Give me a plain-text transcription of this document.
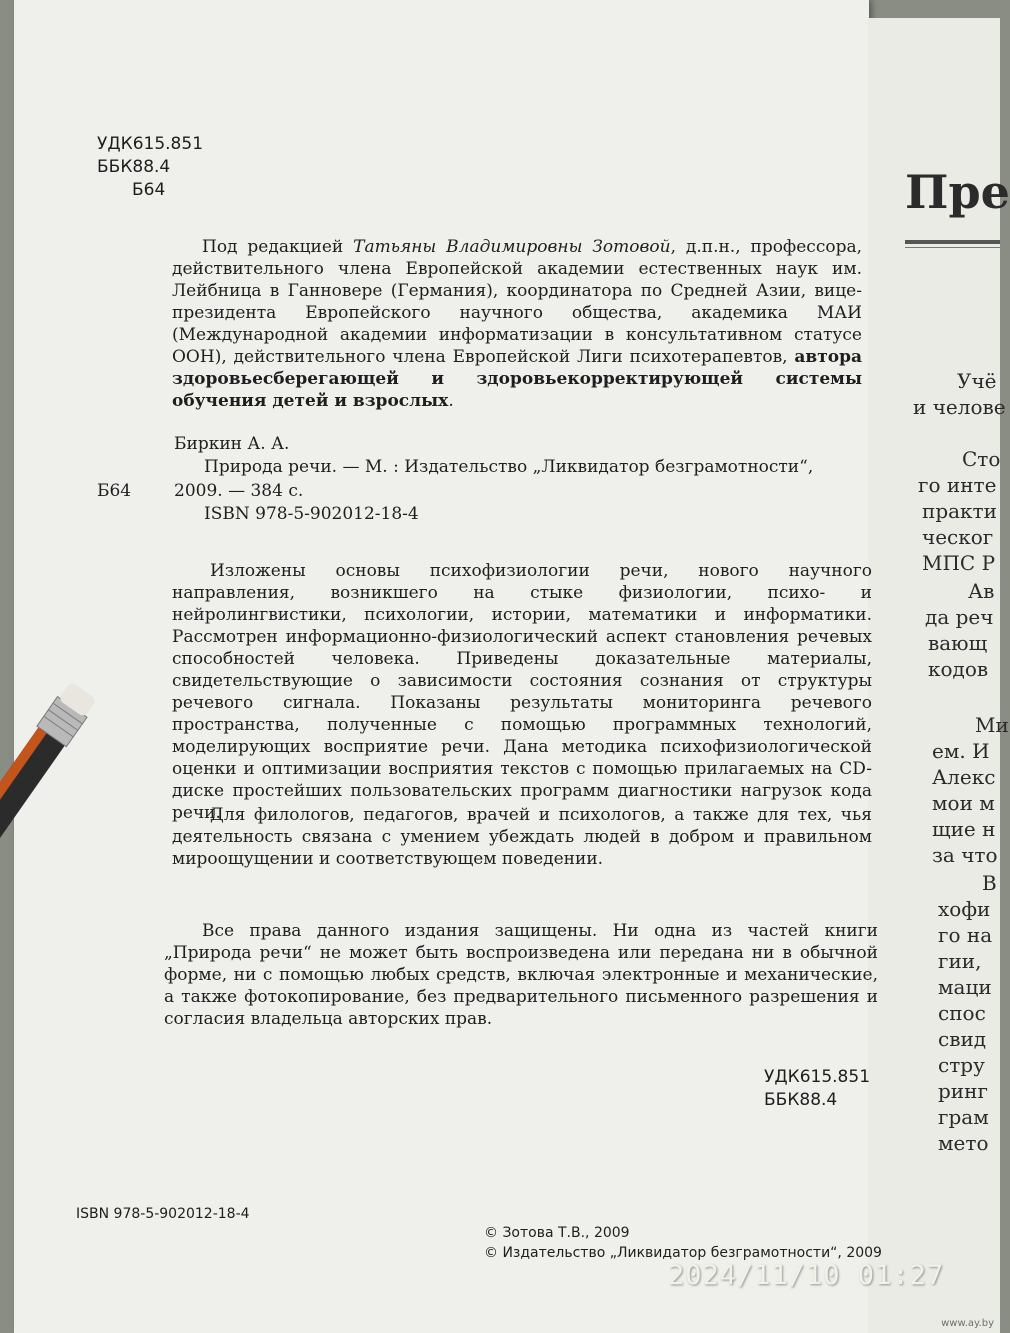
УДК615.851
ББК88.4
Б64
Под редакцией Татьяны Владимировны Зотовой, д.п.н., профессора, действительного члена Европейской академии естественных наук им. Лейбница в Ганновере (Германия), координатора по Средней Азии, вице-президента Европейского научного общества, академика МАИ (Международной академии информатизации в консультативном статусе ООН), действительного члена Европейской Лиги психотерапевтов, автора здоровьесберегающей и здоровьекорректирующей системы обучения детей и взрослых.
Биркин А. А.
Природа речи. — М. : Издательство „Ликвидатор безграмотности“,
Б64	2009. — 384 с.
ISBN 978-5-902012-18-4
Изложены основы психофизиологии речи, нового научного направления, возникшего на стыке физиологии, психо- и нейролингвистики, психологии, истории, математики и информатики. Рассмотрен информационно-физиологический аспект становления речевых способностей человека. Приведены доказательные материалы, свидетельствующие о зависимости состояния сознания от структуры речевого сигнала. Показаны результаты мониторинга речевого пространства, полученные с помощью программных технологий, моделирующих восприятие речи. Дана методика психофизиологической оценки и оптимизации восприятия текстов с помощью прилагаемых на CD-диске простейших пользовательских программ диагностики нагрузок кода речи.
Для филологов, педагогов, врачей и психологов, а также для тех, чья деятельность связана с умением убеждать людей в добром и правильном мироощущении и соответствующем поведении.
Все права данного издания защищены. Ни одна из частей книги „Природа речи“ не может быть воспроизведена или передана ни в обычной форме, ни с помощью любых средств, включая электронные и механические, а также фотокопирование, без предварительного письменного разрешения и согласия владельца авторских прав.
УДК615.851
ББК88.4
ISBN 978-5-902012-18-4
© Зотова Т.В., 2009
© Издательство „Ликвидатор безграмотности“, 2009
Пре
Учё
и челове
Сто
го инте
практи
ческог
МПС Р
Ав
да реч
вающ
кодов
Ми
ем. И
Алекс
мои м
щие н
за что
В
хофи
го на
гии,
маци
спос
свид
стру
ринг
грам
мето
2024/11/10 01:27
www.ay.by
